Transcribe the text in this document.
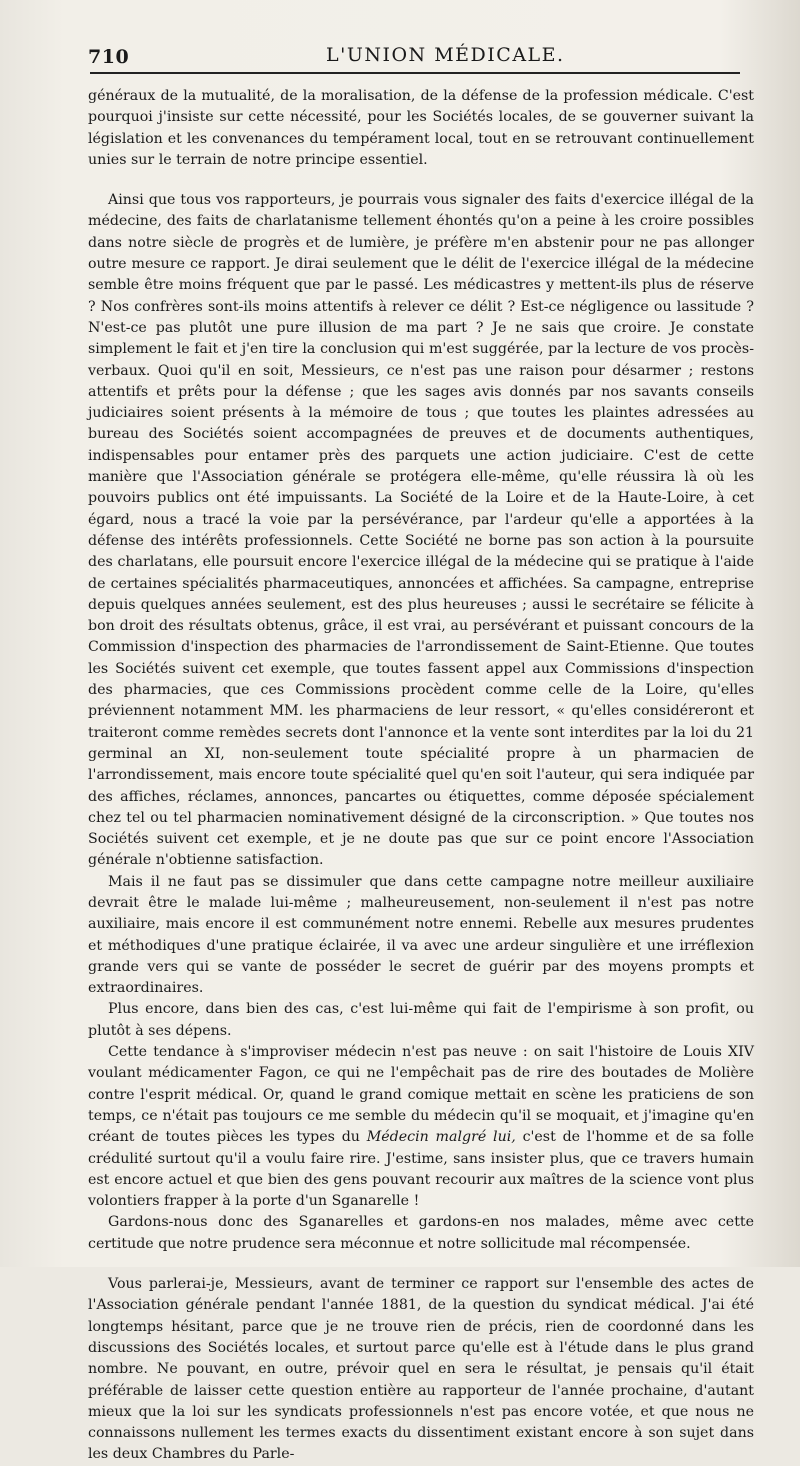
710	L'UNION MÉDICALE.

généraux de la mutualité, de la moralisation, de la défense de la profession médicale. C'est pourquoi j'insiste sur cette nécessité, pour les Sociétés locales, de se gouverner suivant la législation et les convenances du tempérament local, tout en se retrouvant continuellement unies sur le terrain de notre principe essentiel.

Ainsi que tous vos rapporteurs, je pourrais vous signaler des faits d'exercice illégal de la médecine, des faits de charlatanisme tellement éhontés qu'on a peine à les croire possibles dans notre siècle de progrès et de lumière, je préfère m'en abstenir pour ne pas allonger outre mesure ce rapport. Je dirai seulement que le délit de l'exercice illégal de la médecine semble être moins fréquent que par le passé. Les médicastres y mettent-ils plus de réserve ? Nos confrères sont-ils moins attentifs à relever ce délit ? Est-ce négligence ou lassitude ? N'est-ce pas plutôt une pure illusion de ma part ? Je ne sais que croire. Je constate simplement le fait et j'en tire la conclusion qui m'est suggérée, par la lecture de vos procès-verbaux. Quoi qu'il en soit, Messieurs, ce n'est pas une raison pour désarmer ; restons attentifs et prêts pour la défense ; que les sages avis donnés par nos savants conseils judiciaires soient présents à la mémoire de tous ; que toutes les plaintes adressées au bureau des Sociétés soient accompagnées de preuves et de documents authentiques, indispensables pour entamer près des parquets une action judiciaire. C'est de cette manière que l'Association générale se protégera elle-même, qu'elle réussira là où les pouvoirs publics ont été impuissants. La Société de la Loire et de la Haute-Loire, à cet égard, nous a tracé la voie par la persévérance, par l'ardeur qu'elle a apportées à la défense des intérêts professionnels. Cette Société ne borne pas son action à la poursuite des charlatans, elle poursuit encore l'exercice illégal de la médecine qui se pratique à l'aide de certaines spécialités pharmaceutiques, annoncées et affichées. Sa campagne, entreprise depuis quelques années seulement, est des plus heureuses ; aussi le secrétaire se félicite à bon droit des résultats obtenus, grâce, il est vrai, au persévérant et puissant concours de la Commission d'inspection des pharmacies de l'arrondissement de Saint-Etienne. Que toutes les Sociétés suivent cet exemple, que toutes fassent appel aux Commissions d'inspection des pharmacies, que ces Commissions procèdent comme celle de la Loire, qu'elles préviennent notamment MM. les pharmaciens de leur ressort, « qu'elles considéreront et traiteront comme remèdes secrets dont l'annonce et la vente sont interdites par la loi du 21 germinal an XI, non-seulement toute spécialité propre à un pharmacien de l'arrondissement, mais encore toute spécialité quel qu'en soit l'auteur, qui sera indiquée par des affiches, réclames, annonces, pancartes ou étiquettes, comme déposée spécialement chez tel ou tel pharmacien nominativement désigné de la circonscription. » Que toutes nos Sociétés suivent cet exemple, et je ne doute pas que sur ce point encore l'Association générale n'obtienne satisfaction.

Mais il ne faut pas se dissimuler que dans cette campagne notre meilleur auxiliaire devrait être le malade lui-même ; malheureusement, non-seulement il n'est pas notre auxiliaire, mais encore il est communément notre ennemi. Rebelle aux mesures prudentes et méthodiques d'une pratique éclairée, il va avec une ardeur singulière et une irréflexion grande vers qui se vante de posséder le secret de guérir par des moyens prompts et extraordinaires.

Plus encore, dans bien des cas, c'est lui-même qui fait de l'empirisme à son profit, ou plutôt à ses dépens.

Cette tendance à s'improviser médecin n'est pas neuve : on sait l'histoire de Louis XIV voulant médicamenter Fagon, ce qui ne l'empêchait pas de rire des boutades de Molière contre l'esprit médical. Or, quand le grand comique mettait en scène les praticiens de son temps, ce n'était pas toujours ce me semble du médecin qu'il se moquait, et j'imagine qu'en créant de toutes pièces les types du Médecin malgré lui, c'est de l'homme et de sa folle crédulité surtout qu'il a voulu faire rire. J'estime, sans insister plus, que ce travers humain est encore actuel et que bien des gens pouvant recourir aux maîtres de la science vont plus volontiers frapper à la porte d'un Sganarelle !

Gardons-nous donc des Sganarelles et gardons-en nos malades, même avec cette certitude que notre prudence sera méconnue et notre sollicitude mal récompensée.

Vous parlerai-je, Messieurs, avant de terminer ce rapport sur l'ensemble des actes de l'Association générale pendant l'année 1881, de la question du syndicat médical. J'ai été longtemps hésitant, parce que je ne trouve rien de précis, rien de coordonné dans les discussions des Sociétés locales, et surtout parce qu'elle est à l'étude dans le plus grand nombre. Ne pouvant, en outre, prévoir quel en sera le résultat, je pensais qu'il était préférable de laisser cette question entière au rapporteur de l'année prochaine, d'autant mieux que la loi sur les syndicats professionnels n'est pas encore votée, et que nous ne connaissons nullement les termes exacts du dissentiment existant encore à son sujet dans les deux Chambres du Parle-
